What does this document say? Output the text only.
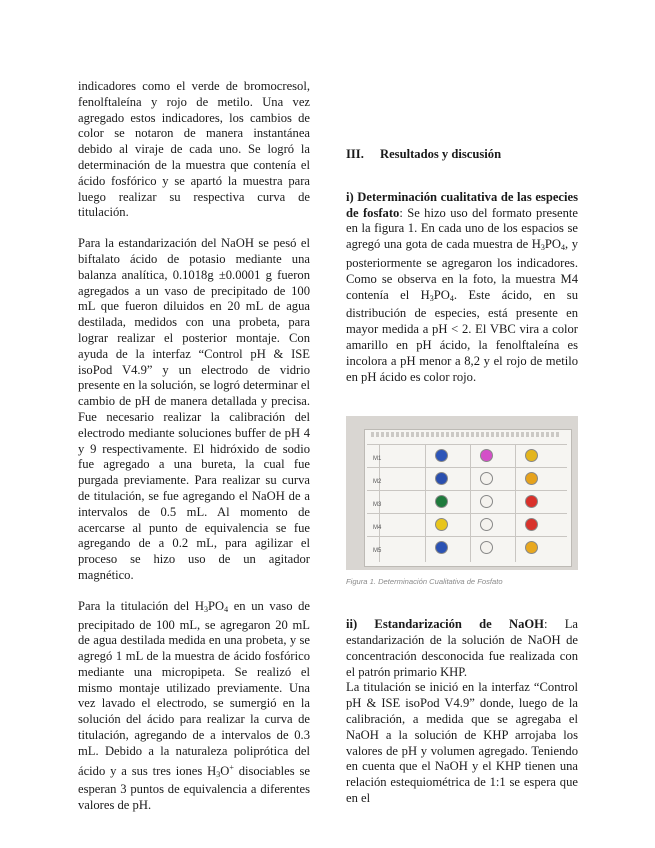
indicadores como el verde de bromocresol, fenolftaleína y rojo de metilo. Una vez agregado estos indicadores, los cambios de color se notaron de manera instantánea debido al viraje de cada uno. Se logró la determinación de la muestra que contenía el ácido fosfórico y se apartó la muestra para luego realizar su respectiva curva de titulación.

Para la estandarización del NaOH se pesó el biftalato ácido de potasio mediante una balanza analítica, 0.1018g ±0.0001 g fueron agregados a un vaso de precipitado de 100 mL que fueron diluidos en 20 mL de agua destilada, medidos con una probeta, para lograr realizar el posterior montaje. Con ayuda de la interfaz “Control pH & ISE isoPod V4.9” y un electrodo de vidrio presente en la solución, se logró determinar el cambio de pH de manera detallada y precisa. Fue necesario realizar la calibración del electrodo mediante soluciones buffer de pH 4 y 9 respectivamente. El hidróxido de sodio fue agregado a una bureta, la cual fue purgada previamente. Para realizar su curva de titulación, se fue agregando el NaOH de a intervalos de 0.5 mL. Al momento de acercarse al punto de equivalencia se fue agregando de a 0.2 mL, para agilizar el proceso se hizo uso de un agitador magnético.

Para la titulación del $H_3PO_4$ en un vaso de precipitado de 100 mL, se agregaron 20 mL de agua destilada medida en una probeta, y se agregó 1 mL de la muestra de ácido fosfórico mediante una micropipeta. Se realizó el mismo montaje utilizado previamente. Una vez lavado el electrodo, se sumergió en la solución del ácido para realizar la curva de titulación, agregando de a intervalos de 0.3 mL. Debido a la naturaleza poliprótica del ácido y a sus tres iones $H_3O^+$ disociables se esperan 3 puntos de equivalencia a diferentes valores de pH.

III. Resultados y discusión

i) Determinación cualitativa de las especies de fosfato: Se hizo uso del formato presente en la figura 1. En cada uno de los espacios se agregó una gota de cada muestra de $H_3PO_4$, y posteriormente se agregaron los indicadores. Como se observa en la foto, la muestra M4 contenía el $H_3PO_4$. Este ácido, en su distribución de especies, está presente en mayor medida a pH < 2. El VBC vira a color amarillo en pH ácido, la fenolftaleína es incolora a pH menor a 8,2 y el rojo de metilo en pH ácido es color rojo.

M1
M2
M3
M4
M5

Figura 1. Determinación Cualitativa de Fosfato

ii) Estandarización de NaOH: La estandarización de la solución de NaOH de concentración desconocida fue realizada con el patrón primario KHP.

La titulación se inició en la interfaz “Control pH & ISE isoPod V4.9” donde, luego de la calibración, a medida que se agregaba el NaOH a la solución de KHP arrojaba los valores de pH y volumen agregado. Teniendo en cuenta que el NaOH y el KHP tienen una relación estequiométrica de 1:1 se espera que en el
